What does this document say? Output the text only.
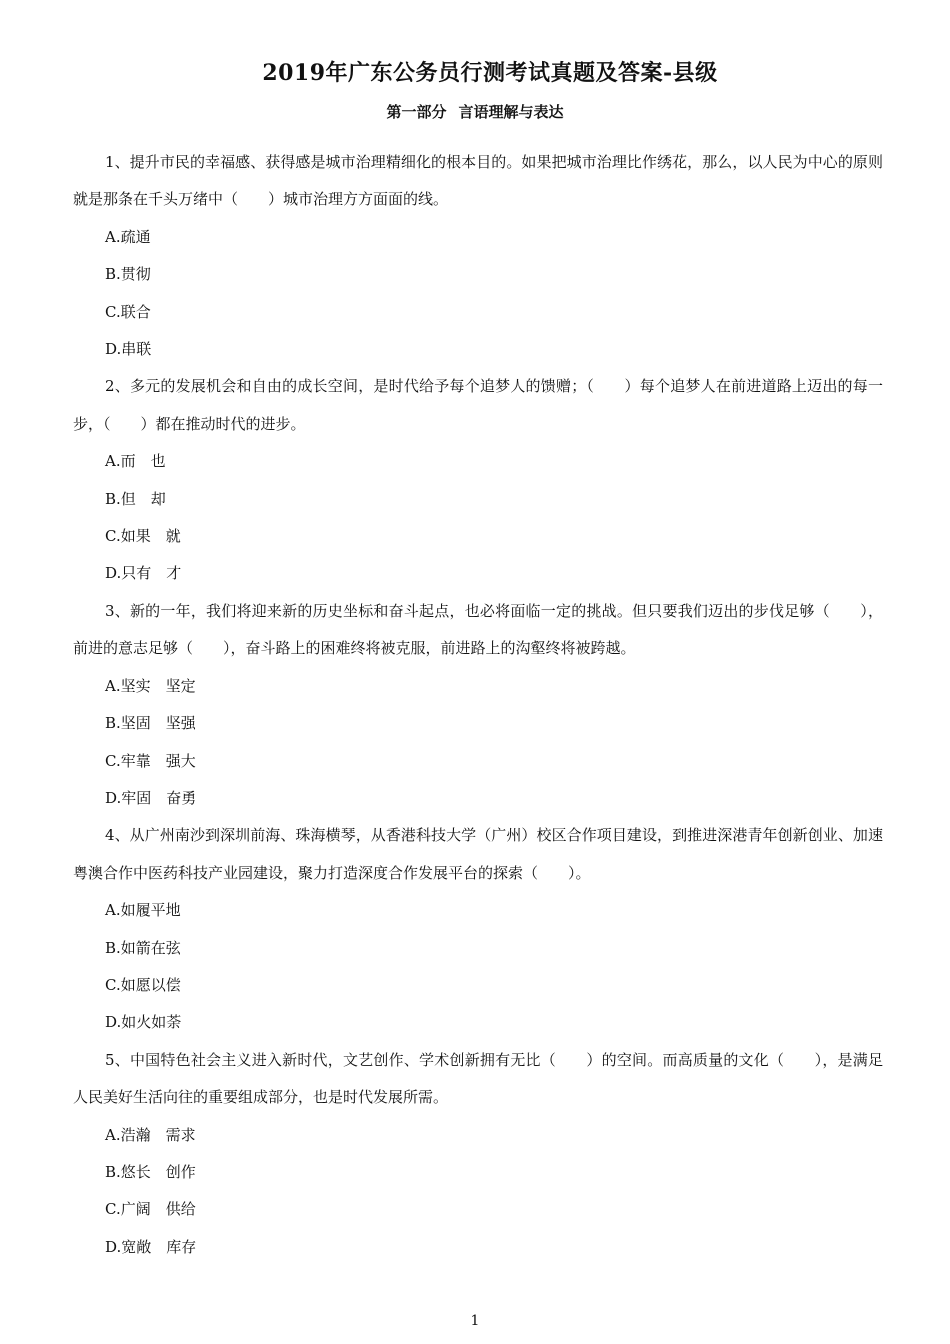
2019年广东公务员行测考试真题及答案-县级
第一部分 言语理解与表达

1、提升市民的幸福感、获得感是城市治理精细化的根本目的。如果把城市治理比作绣花，那么，以人民为中心的原则就是那条在千头万绪中（　　）城市治理方方面面的线。

A.疏通

B.贯彻

C.联合

D.串联

2、多元的发展机会和自由的成长空间，是时代给予每个追梦人的馈赠；（　　）每个追梦人在前进道路上迈出的每一步，（　　）都在推动时代的进步。

A.而　也

B.但　却

C.如果　就

D.只有　才

3、新的一年，我们将迎来新的历史坐标和奋斗起点，也必将面临一定的挑战。但只要我们迈出的步伐足够（　　），前进的意志足够（　　），奋斗路上的困难终将被克服，前进路上的沟壑终将被跨越。

A.坚实　坚定

B.坚固　坚强

C.牢靠　强大

D.牢固　奋勇

4、从广州南沙到深圳前海、珠海横琴，从香港科技大学（广州）校区合作项目建设，到推进深港青年创新创业、加速粤澳合作中医药科技产业园建设，聚力打造深度合作发展平台的探索（　　）。

A.如履平地

B.如箭在弦

C.如愿以偿

D.如火如荼

5、中国特色社会主义进入新时代，文艺创作、学术创新拥有无比（　　）的空间。而高质量的文化（　　），是满足人民美好生活向往的重要组成部分，也是时代发展所需。

A.浩瀚　需求

B.悠长　创作

C.广阔　供给

D.宽敞　库存

1
